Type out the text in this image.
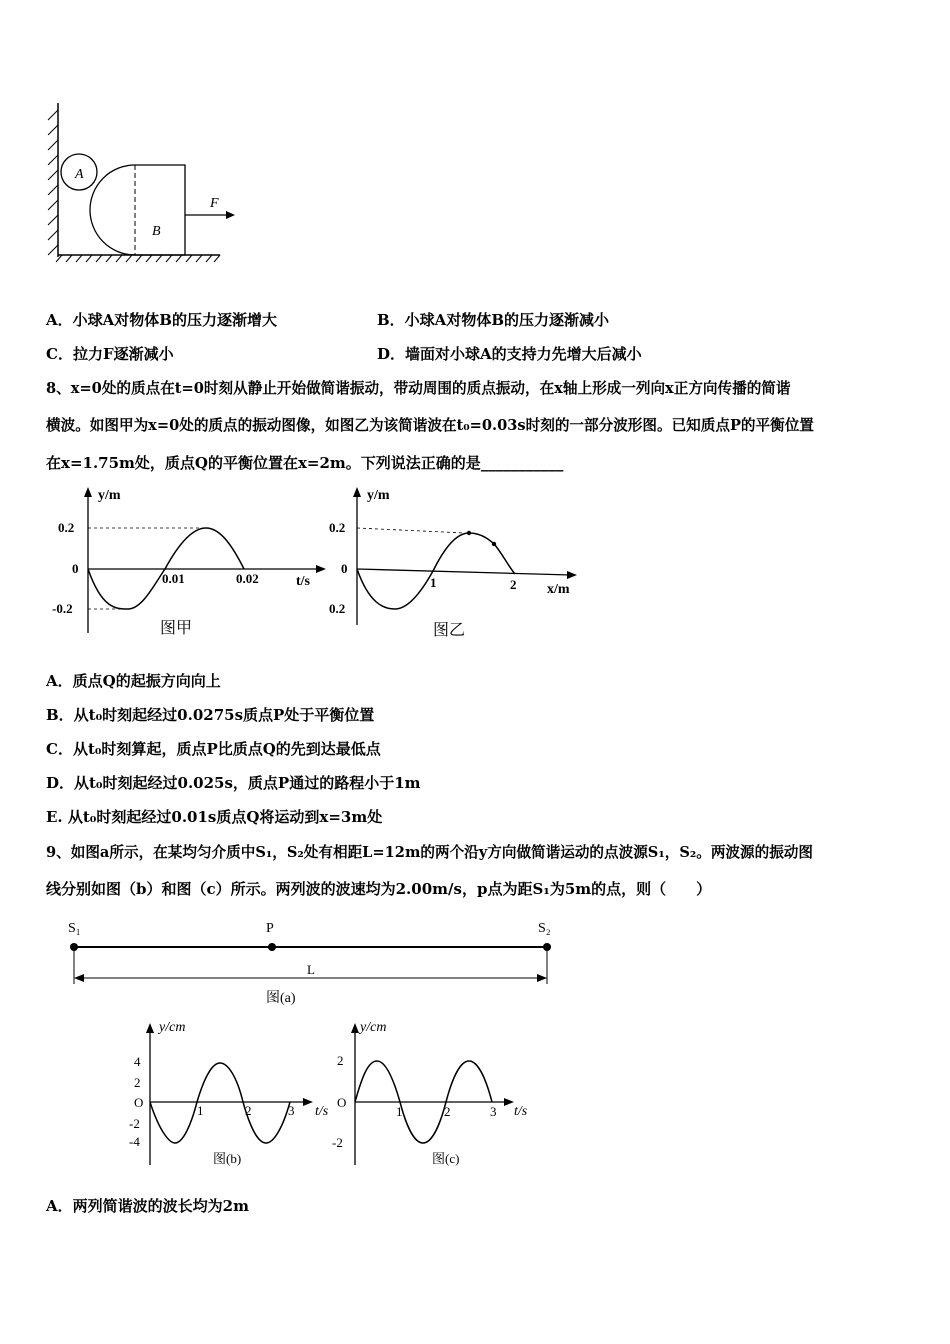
A
B
F
A．小球A对物体B的压力逐渐增大	B．小球A对物体B的压力逐渐减小
C．拉力F逐渐减小	D．墙面对小球A的支持力先增大后减小
8、x=0处的质点在t=0时刻从静止开始做简谐振动，带动周围的质点振动，在x轴上形成一列向x正方向传播的简谐
横波。如图甲为x=0处的质点的振动图像，如图乙为该简谐波在t₀=0.03s时刻的一部分波形图。已知质点P的平衡位置
在x=1.75m处，质点Q的平衡位置在x=2m。下列说法正确的是___________
y/m
t/s
0.2
0
-0.2
0.01	0.02
图甲
y/m
x/m
0.2
0
0.2
1	2
图乙
A．质点Q的起振方向向上
B．从t₀时刻起经过0.0275s质点P处于平衡位置
C．从t₀时刻算起，质点P比质点Q的先到达最低点
D．从t₀时刻起经过0.025s，质点P通过的路程小于1m
E. 从t₀时刻起经过0.01s质点Q将运动到x=3m处
9、如图a所示，在某均匀介质中S₁，S₂处有相距L=12m的两个沿y方向做简谐运动的点波源S₁，S₂。两波源的振动图
线分别如图（b）和图（c）所示。两列波的波速均为2.00m/s，p点为距S₁为5m的点，则（　　）
S₁	P	S₂
L
图(a)
y/cm
t/s
4
2
O
-2
-4
1	2	3
图(b)
y/cm
t/s
2
O
-2
1	2	3
图(c)
A．两列简谐波的波长均为2m
